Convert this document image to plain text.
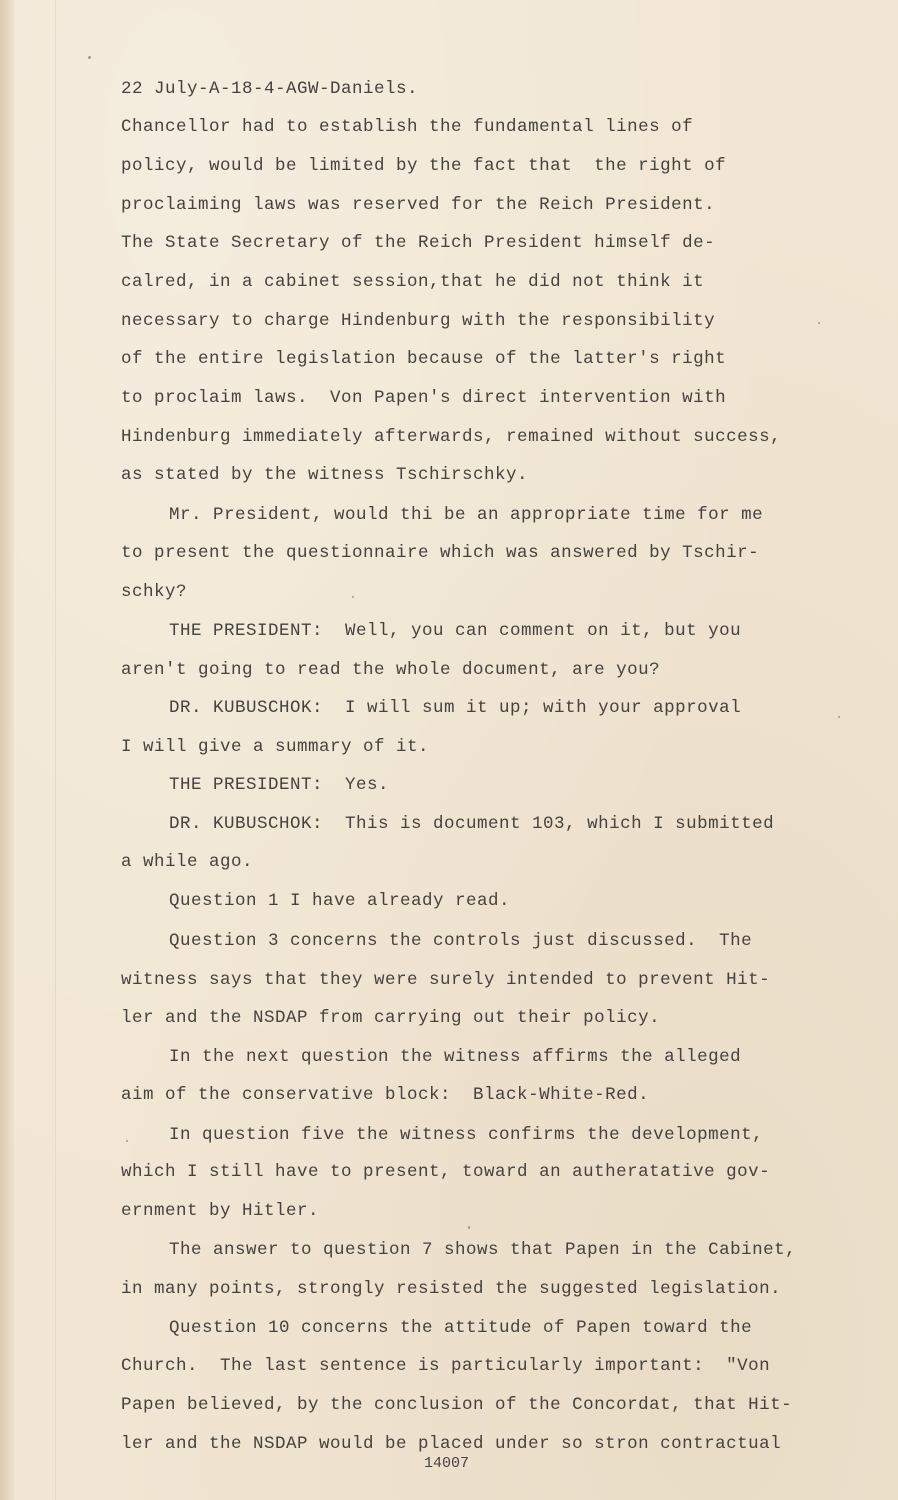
22 July-A-18-4-AGW-Daniels.
Chancellor had to establish the fundamental lines of
policy, would be limited by the fact that  the right of
proclaiming laws was reserved for the Reich President.
The State Secretary of the Reich President himself de-
calred, in a cabinet session,that he did not think it
necessary to charge Hindenburg with the responsibility
of the entire legislation because of the latter's right
to proclaim laws.  Von Papen's direct intervention with
Hindenburg immediately afterwards, remained without success,
as stated by the witness Tschirschky.
Mr. President, would thi be an appropriate time for me
to present the questionnaire which was answered by Tschir-
schky?
THE PRESIDENT:  Well, you can comment on it, but you
aren't going to read the whole document, are you?
DR. KUBUSCHOK:  I will sum it up; with your approval
I will give a summary of it.
THE PRESIDENT:  Yes.
DR. KUBUSCHOK:  This is document 103, which I submitted
a while ago.
Question 1 I have already read.
Question 3 concerns the controls just discussed.  The
witness says that they were surely intended to prevent Hit-
ler and the NSDAP from carrying out their policy.
In the next question the witness affirms the alleged
aim of the conservative block:  Black-White-Red.
In question five the witness confirms the development,
which I still have to present, toward an autheratative gov-
ernment by Hitler.
The answer to question 7 shows that Papen in the Cabinet,
in many points, strongly resisted the suggested legislation.
Question 10 concerns the attitude of Papen toward the
Church.  The last sentence is particularly important:  "Von
Papen believed, by the conclusion of the Concordat, that Hit-
ler and the NSDAP would be placed under so stron contractual
14007
